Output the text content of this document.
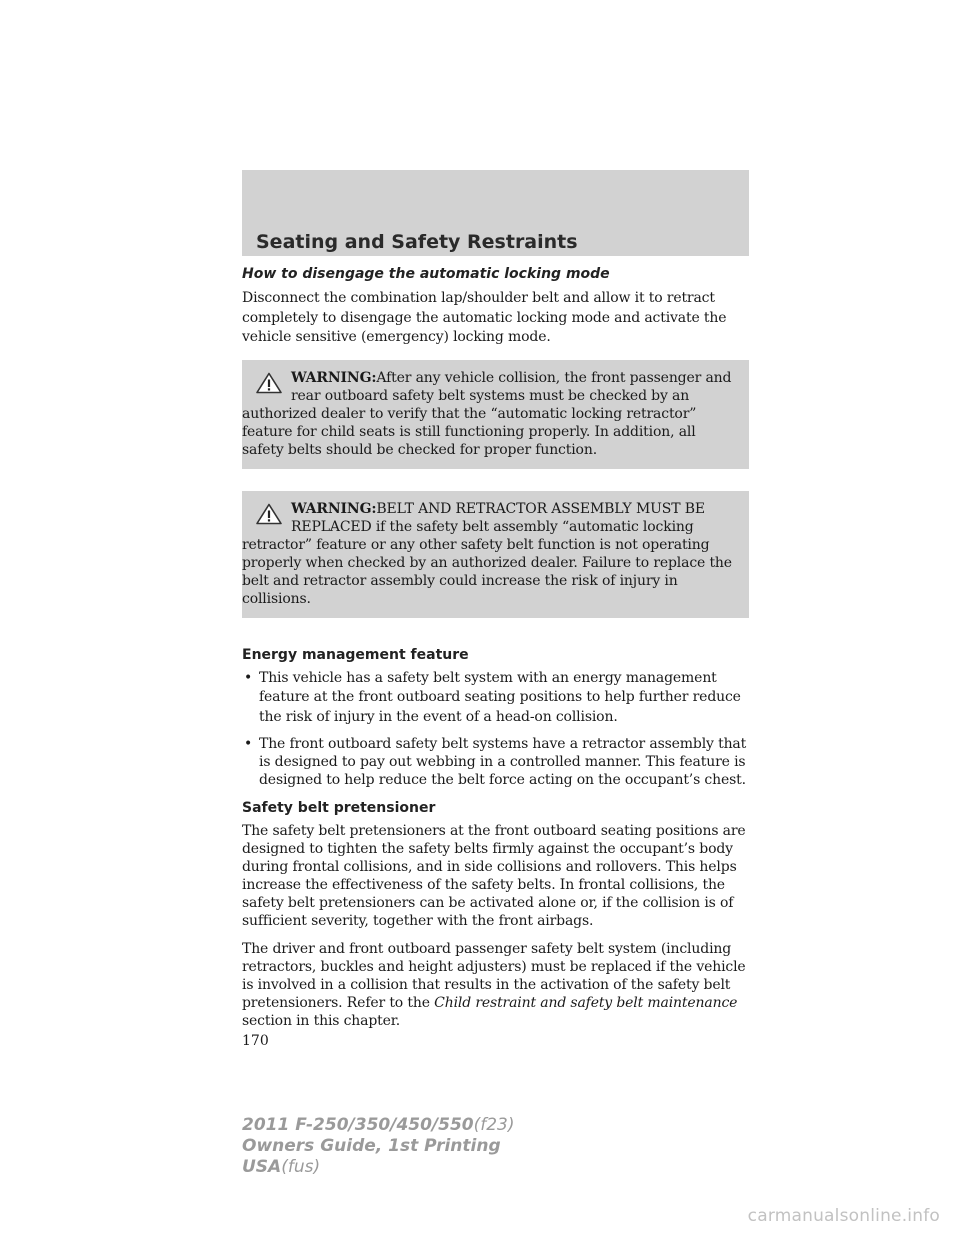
Seating and Safety Restraints
How to disengage the automatic locking mode

Disconnect the combination lap/shoulder belt and allow it to retract completely to disengage the automatic locking mode and activate the vehicle sensitive (emergency) locking mode.

WARNING:After any vehicle collision, the front passenger and rear outboard safety belt systems must be checked by an
authorized dealer to verify that the “automatic locking retractor” feature for child seats is still functioning properly. In addition, all safety belts should be checked for proper function.
WARNING:BELT AND RETRACTOR ASSEMBLY MUST BE REPLACED if the safety belt assembly “automatic locking
retractor” feature or any other safety belt function is not operating properly when checked by an authorized dealer. Failure to replace the belt and retractor assembly could increase the risk of injury in collisions.
Energy management feature
• This vehicle has a safety belt system with an energy management feature at the front outboard seating positions to help further reduce the risk of injury in the event of a head-on collision.
• The front outboard safety belt systems have a retractor assembly that is designed to pay out webbing in a controlled manner. This feature is designed to help reduce the belt force acting on the occupant’s chest.
Safety belt pretensioner

The safety belt pretensioners at the front outboard seating positions are designed to tighten the safety belts firmly against the occupant’s body during frontal collisions, and in side collisions and rollovers. This helps increase the effectiveness of the safety belts. In frontal collisions, the safety belt pretensioners can be activated alone or, if the collision is of sufficient severity, together with the front airbags.

The driver and front outboard passenger safety belt system (including retractors, buckles and height adjusters) must be replaced if the vehicle is involved in a collision that results in the activation of the safety belt pretensioners. Refer to the Child restraint and safety belt maintenance section in this chapter.

170
2011 F-250/350/450/550(f23)
Owners Guide, 1st Printing
USA(fus)
carmanualsonline.info
